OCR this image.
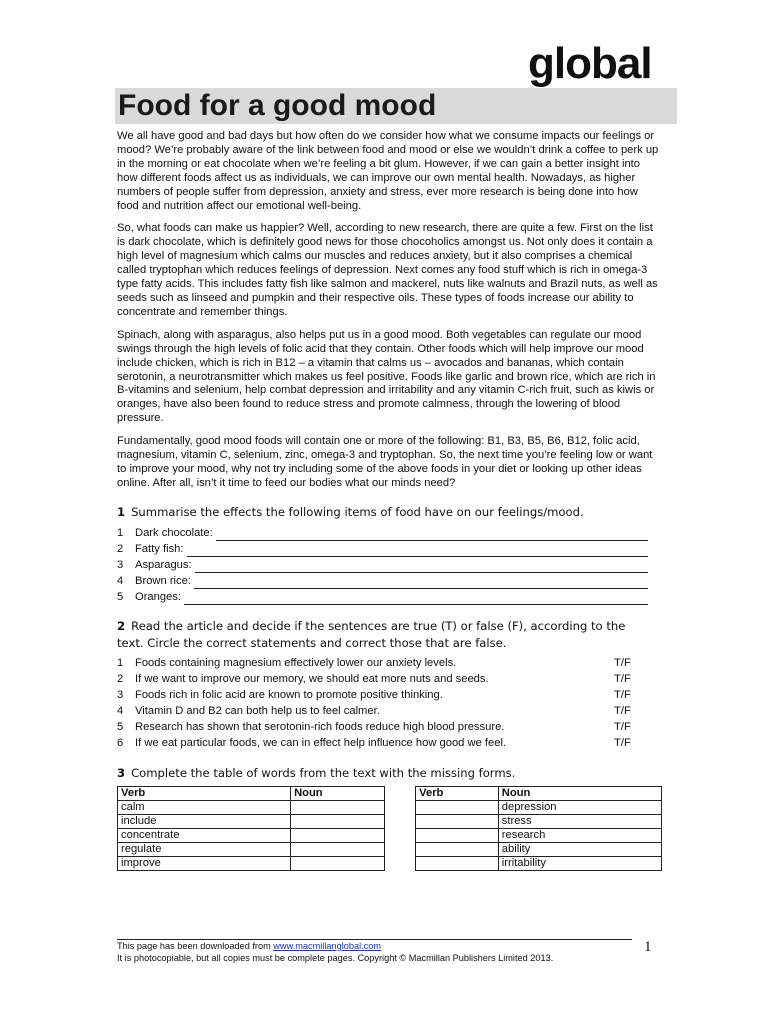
global
Food for a good mood

We all have good and bad days but how often do we consider how what we consume impacts our feelings or mood? We’re probably aware of the link between food and mood or else we wouldn’t drink a coffee to perk up in the morning or eat chocolate when we’re feeling a bit glum. However, if we can gain a better insight into how different foods affect us as individuals, we can improve our own mental health. Nowadays, as higher numbers of people suffer from depression, anxiety and stress, ever more research is being done into how food and nutrition affect our emotional well-being.

So, what foods can make us happier? Well, according to new research, there are quite a few. First on the list is dark chocolate, which is definitely good news for those chocoholics amongst us. Not only does it contain a high level of magnesium which calms our muscles and reduces anxiety, but it also comprises a chemical called tryptophan which reduces feelings of depression. Next comes any food stuff which is rich in omega-3 type fatty acids. This includes fatty fish like salmon and mackerel, nuts like walnuts and Brazil nuts, as well as seeds such as linseed and pumpkin and their respective oils. These types of foods increase our ability to concentrate and remember things.

Spinach, along with asparagus, also helps put us in a good mood. Both vegetables can regulate our mood swings through the high levels of folic acid that they contain. Other foods which will help improve our mood include chicken, which is rich in B12 – a vitamin that calms us – avocados and bananas, which contain serotonin, a neurotransmitter which makes us feel positive. Foods like garlic and brown rice, which are rich in B-vitamins and selenium, help combat depression and irritability and any vitamin C-rich fruit, such as kiwis or oranges, have also been found to reduce stress and promote calmness, through the lowering of blood pressure.

Fundamentally, good mood foods will contain one or more of the following: B1, B3, B5, B6, B12, folic acid, magnesium, vitamin C, selenium, zinc, omega-3 and tryptophan. So, the next time you’re feeling low or want to improve your mood, why not try including some of the above foods in your diet or looking up other ideas online. After all, isn’t it time to feed our bodies what our minds need?

1 Summarise the effects the following items of food have on our feelings/mood.
1	Dark chocolate:
2	Fatty fish:
3	Asparagus:
4	Brown rice:
5	Oranges:
2 Read the article and decide if the sentences are true (T) or false (F), according to the text. Circle the correct statements and correct those that are false.
1	Foods containing magnesium effectively lower our anxiety levels.	T/F
2	If we want to improve our memory, we should eat more nuts and seeds.	T/F
3	Foods rich in folic acid are known to promote positive thinking.	T/F
4	Vitamin D and B2 can both help us to feel calmer.	T/F
5	Research has shown that serotonin-rich foods reduce high blood pressure.	T/F
6	If we eat particular foods, we can in effect help influence how good we feel.	T/F
3 Complete the table of words from the text with the missing forms.
Verb	Noun		Verb	Noun
calm				depression
include				stress
concentrate				research
regulate				ability
improve				irritability
This page has been downloaded from www.macmillanglobal.com
It is photocopiable, but all copies must be complete pages. Copyright © Macmillan Publishers Limited 2013.
1
